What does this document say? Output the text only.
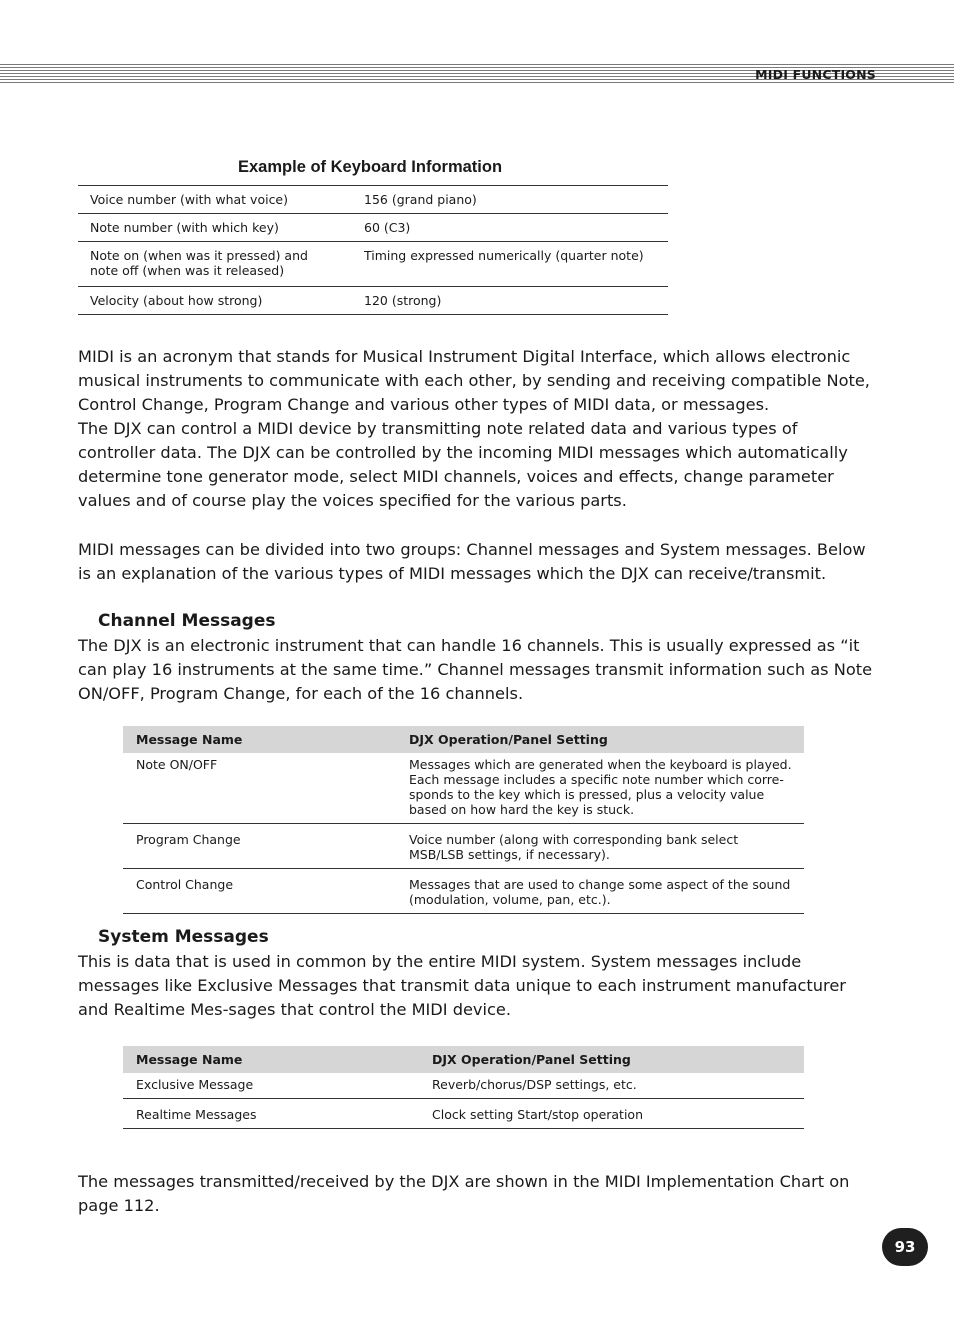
MIDI FUNCTIONS
Example of Keyboard Information
Voice number (with what voice)	156 (grand piano)
Note number (with which key)	60 (C3)
Note on (when was it pressed) and note off (when was it released)	Timing expressed numerically (quarter note)
Velocity (about how strong)	120 (strong)

MIDI is an acronym that stands for Musical Instrument Digital Interface, which allows electronic musical instruments to communicate with each other, by sending and receiving compatible Note, Control Change, Program Change and various other types of MIDI data, or messages.

The DJX can control a MIDI device by transmitting note related data and various types of controller data. The DJX can be controlled by the incoming MIDI messages which automatically determine tone generator mode, select MIDI channels, voices and effects, change parameter values and of course play the voices specified for the various parts.

MIDI messages can be divided into two groups: Channel messages and System messages. Below is an explanation of the various types of MIDI messages which the DJX can receive/transmit.

Channel Messages

The DJX is an electronic instrument that can handle 16 channels. This is usually expressed as “it can play 16 instruments at the same time.” Channel messages transmit information such as Note ON/OFF, Program Change, for each of the 16 channels.

Message Name	DJX Operation/Panel Setting
Note ON/OFF	Messages which are generated when the keyboard is played. Each message includes a specific note number which corre-sponds to the key which is pressed, plus a velocity value based on how hard the key is stuck.
Program Change	Voice number (along with corresponding bank select MSB/LSB settings, if necessary).
Control Change	Messages that are used to change some aspect of the sound (modulation, volume, pan, etc.).
System Messages

This is data that is used in common by the entire MIDI system. System messages include messages like Exclusive Messages that transmit data unique to each instrument manufacturer and Realtime Mes-sages that control the MIDI device.

Message Name	DJX Operation/Panel Setting
Exclusive Message	Reverb/chorus/DSP settings, etc.
Realtime Messages	Clock setting Start/stop operation

The messages transmitted/received by the DJX are shown in the MIDI Implementation Chart on page 112.

93
